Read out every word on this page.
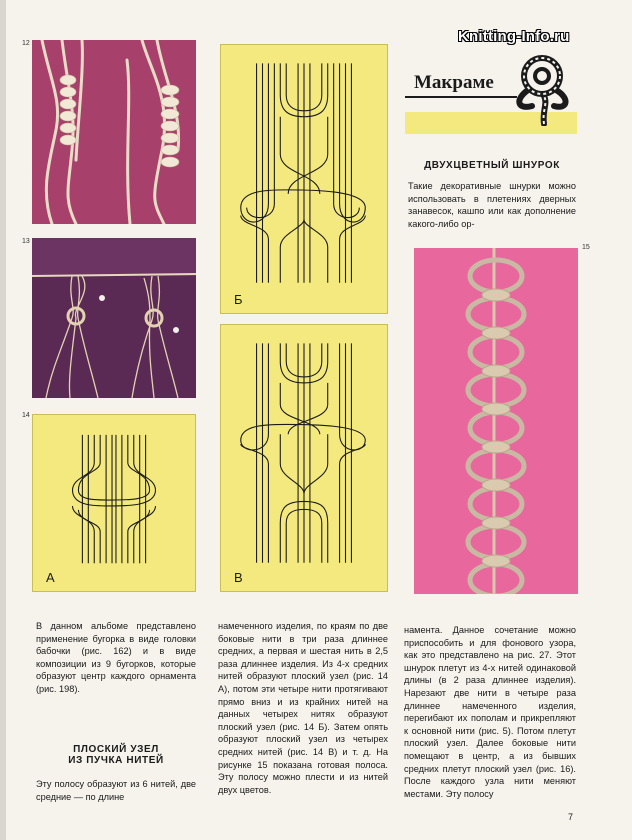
Knitting-Info.ru
12
13
14
А
Б
В
Макраме
ДВУХЦВЕТНЫЙ ШНУРОК
Такие декоративные шнурки можно использовать в плетениях дверных занавесок, кашпо или как дополнение какого-либо ор-
15
В данном альбоме представлено применение бугорка в виде головки бабочки (рис. 162) и в виде композиции из 9 бугорков, которые образуют центр каждого орнамента (рис. 198).
ПЛОСКИЙ УЗЕЛ
ИЗ ПУЧКА НИТЕЙ
Эту полосу образуют из 6 нитей, две средние — по длине
намеченного изделия, по краям по две боковые нити в три раза длиннее средних, а первая и шестая нить в 2,5 раза длиннее изделия. Из 4-х средних нитей образуют плоский узел (рис. 14 А), потом эти четыре нити протягивают прямо вниз и из крайних нитей на данных четырех нитях образуют плоский узел (рис. 14 Б). Затем опять образуют плоский узел из четырех средних нитей (рис. 14 В) и т. д. На рисунке 15 показана готовая полоса. Эту полосу можно плести и из нитей двух цветов.
намента. Данное сочетание можно приспособить и для фонового узора, как это представлено на рис. 27. Этот шнурок плетут из 4-х нитей одинаковой длины (в 2 раза длиннее изделия). Нарезают две нити в четыре раза длиннее намеченного изделия, перегибают их пополам и прикрепляют к основной нити (рис. 5). Потом плетут плоский узел. Далее боковые нити помещают в центр, а из бывших средних плетут плоский узел (рис. 16). После каждого узла нити меняют местами. Эту полосу
7
